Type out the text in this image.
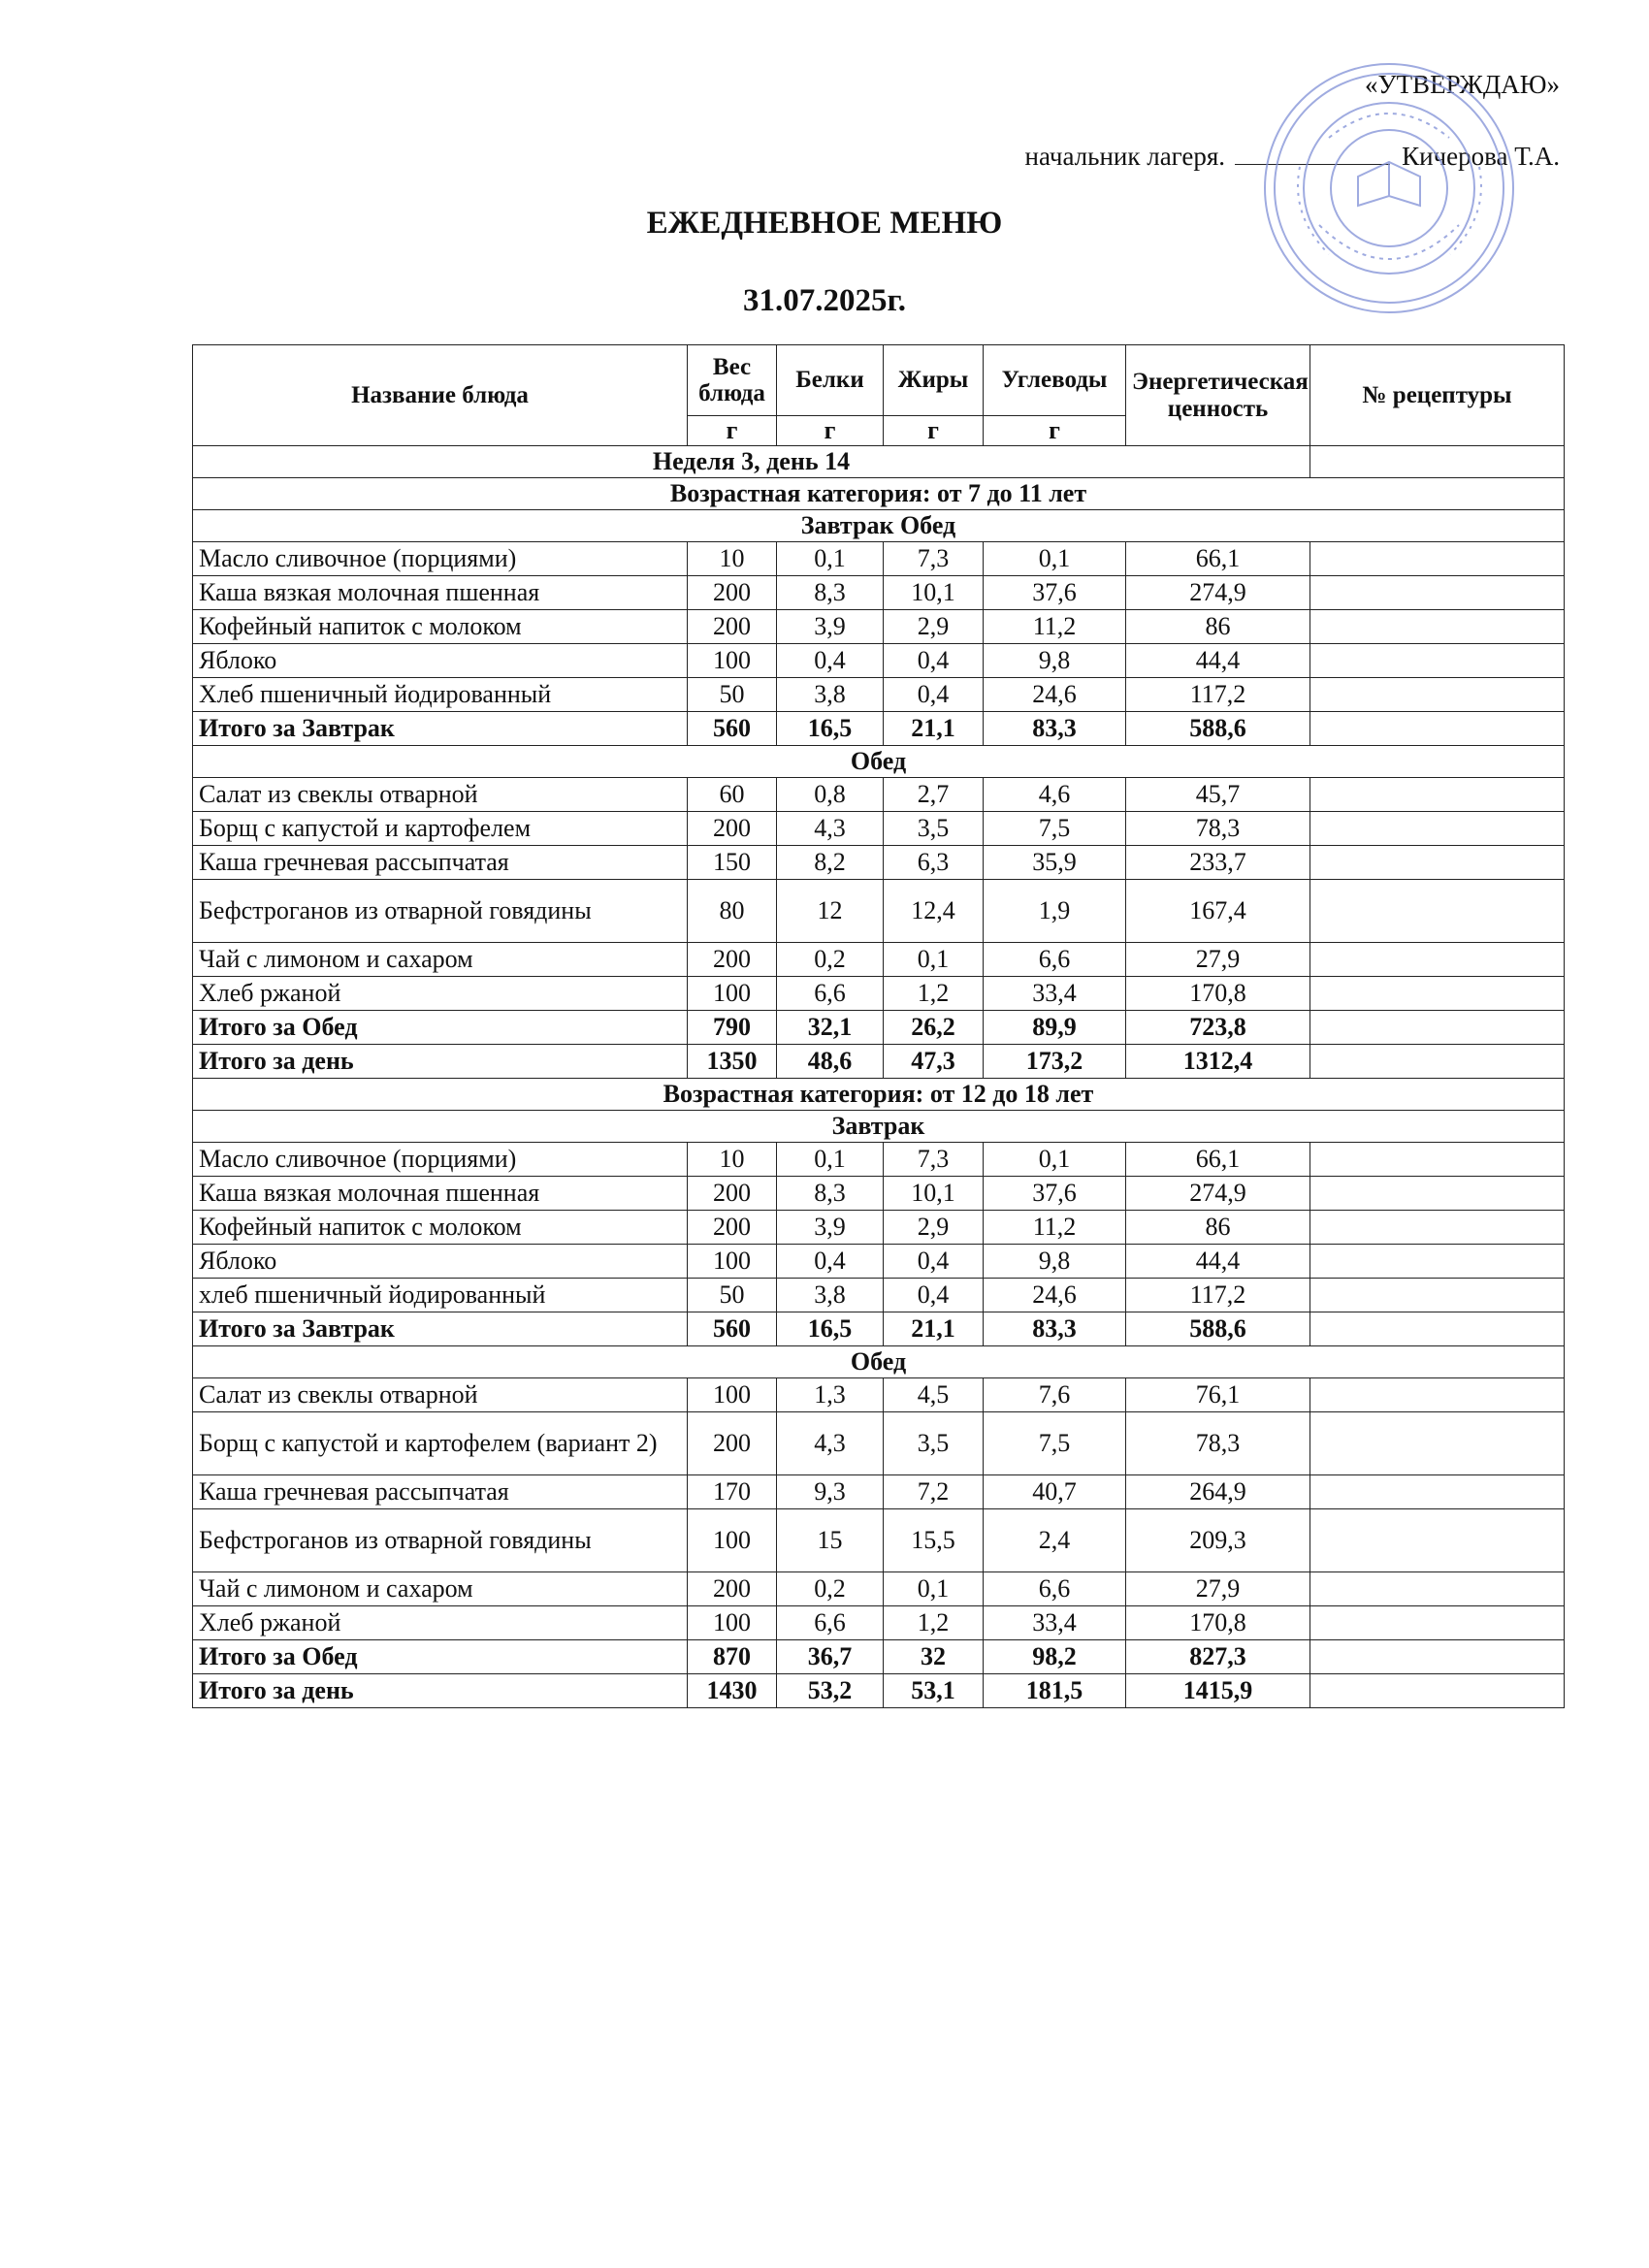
«УТВЕРЖДАЮ»
начальник лагеря.	Кичерова Т.А.
ЕЖЕДНЕВНОЕ МЕНЮ
31.07.2025г.
Название блюда	Вес блюда	Белки	Жиры	Углеводы	Энергетическая ценность	№ рецептуры
	г	г	г	г		
Неделя 3, день 14						
Возрастная категория: от 7 до 11 лет						
Завтрак Обед						
Масло сливочное (порциями)	10	0,1	7,3	0,1	66,1	
Каша вязкая молочная пшенная	200	8,3	10,1	37,6	274,9	
Кофейный напиток с молоком	200	3,9	2,9	11,2	86	
Яблоко	100	0,4	0,4	9,8	44,4	
Хлеб пшеничный йодированный	50	3,8	0,4	24,6	117,2	
Итого за Завтрак	560	16,5	21,1	83,3	588,6	
Обед						
Салат из свеклы отварной	60	0,8	2,7	4,6	45,7	
Борщ с капустой и картофелем	200	4,3	3,5	7,5	78,3	
Каша гречневая рассыпчатая	150	8,2	6,3	35,9	233,7	
Бефстроганов из отварной говядины	80	12	12,4	1,9	167,4	
Чай с лимоном и сахаром	200	0,2	0,1	6,6	27,9	
Хлеб ржаной	100	6,6	1,2	33,4	170,8	
Итого за Обед	790	32,1	26,2	89,9	723,8	
Итого за день	1350	48,6	47,3	173,2	1312,4	
Возрастная категория: от 12 до 18 лет						
Завтрак						
Масло сливочное (порциями)	10	0,1	7,3	0,1	66,1	
Каша вязкая молочная пшенная	200	8,3	10,1	37,6	274,9	
Кофейный напиток с молоком	200	3,9	2,9	11,2	86	
Яблоко	100	0,4	0,4	9,8	44,4	
хлеб пшеничный йодированный	50	3,8	0,4	24,6	117,2	
Итого за Завтрак	560	16,5	21,1	83,3	588,6	
Обед						
Салат из свеклы отварной	100	1,3	4,5	7,6	76,1	
Борщ с капустой и картофелем (вариант 2)	200	4,3	3,5	7,5	78,3	
Каша гречневая рассыпчатая	170	9,3	7,2	40,7	264,9	
Бефстроганов из отварной говядины	100	15	15,5	2,4	209,3	
Чай с лимоном и сахаром	200	0,2	0,1	6,6	27,9	
Хлеб ржаной	100	6,6	1,2	33,4	170,8	
Итого за Обед	870	36,7	32	98,2	827,3	
Итого за день	1430	53,2	53,1	181,5	1415,9	
